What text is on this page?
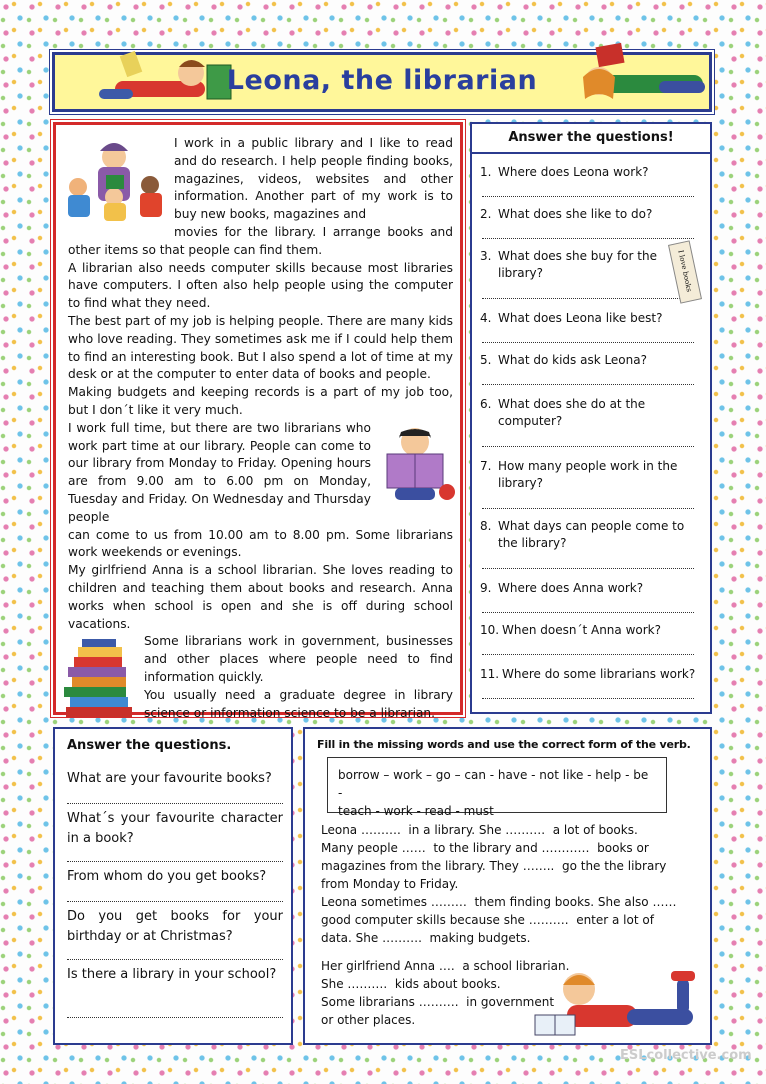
Leona, the librarian

I work in a public library and I like to read and do research. I help people finding books, magazines, videos, websites and other information. Another part of my work is to buy new books, magazines and

movies for the library. I arrange books and other items so that people can find them.

A librarian also needs computer skills because most libraries have computers. I often also help people using the computer to find what they need.

The best part of my job is helping people. There are many kids who love reading. They sometimes ask me if I could help them to find an interesting book. But I also spend a lot of time at my desk or at the computer to enter data of books and people.

Making budgets and keeping records is a part of my job too, but I don´t like it very much.

I work full time, but there are two librarians who work part time at our library. People can come to our library from Monday to Friday. Opening hours are from 9.00 am to 6.00 pm on Monday, Tuesday and Friday. On Wednesday and Thursday people

can come to us from 10.00 am to 8.00 pm. Some librarians work weekends or evenings.

My girlfriend Anna is a school librarian. She loves reading to children and teaching them about books and research. Anna works when school is open and she is off during school vacations.

Some librarians work in government, businesses and other places where people need to find information quickly.

You usually need a graduate degree in library science or information science to be a librarian.

Answer the questions!
1. Where does Leona work?
2. What does she like to do?
3. What does she buy for the library?
4. What does Leona like best?
5. What do kids ask Leona?
6. What does she do at the computer?
7. How many people work in the library?
8. What days can people come to the library?
9. Where does Anna work?
10. When doesn´t Anna work?
11. Where do some librarians work?
I love books
Answer the questions.
What are your favourite books?
What´s your favourite character in a book?
From whom do you get books?
Do you get books for your birthday or at Christmas?
Is there a library in your school?
Fill in the missing words and use the correct form of the verb.
borrow – work – go – can - have - not like - help - be -
teach - work - read - must
Leona ……….  in a library. She ……….  a lot of books.
Many people ……  to the library and …………  books or
magazines from the library. They ……..  go the the library
from Monday to Friday.
Leona sometimes ………  them finding books. She also ……
good computer skills because she ……….  enter a lot of
data. She ……….  making budgets.
Her girlfriend Anna ….  a school librarian.
She ……….  kids about books.
Some librarians ……….  in government
or other places.
ESLcollective.com
